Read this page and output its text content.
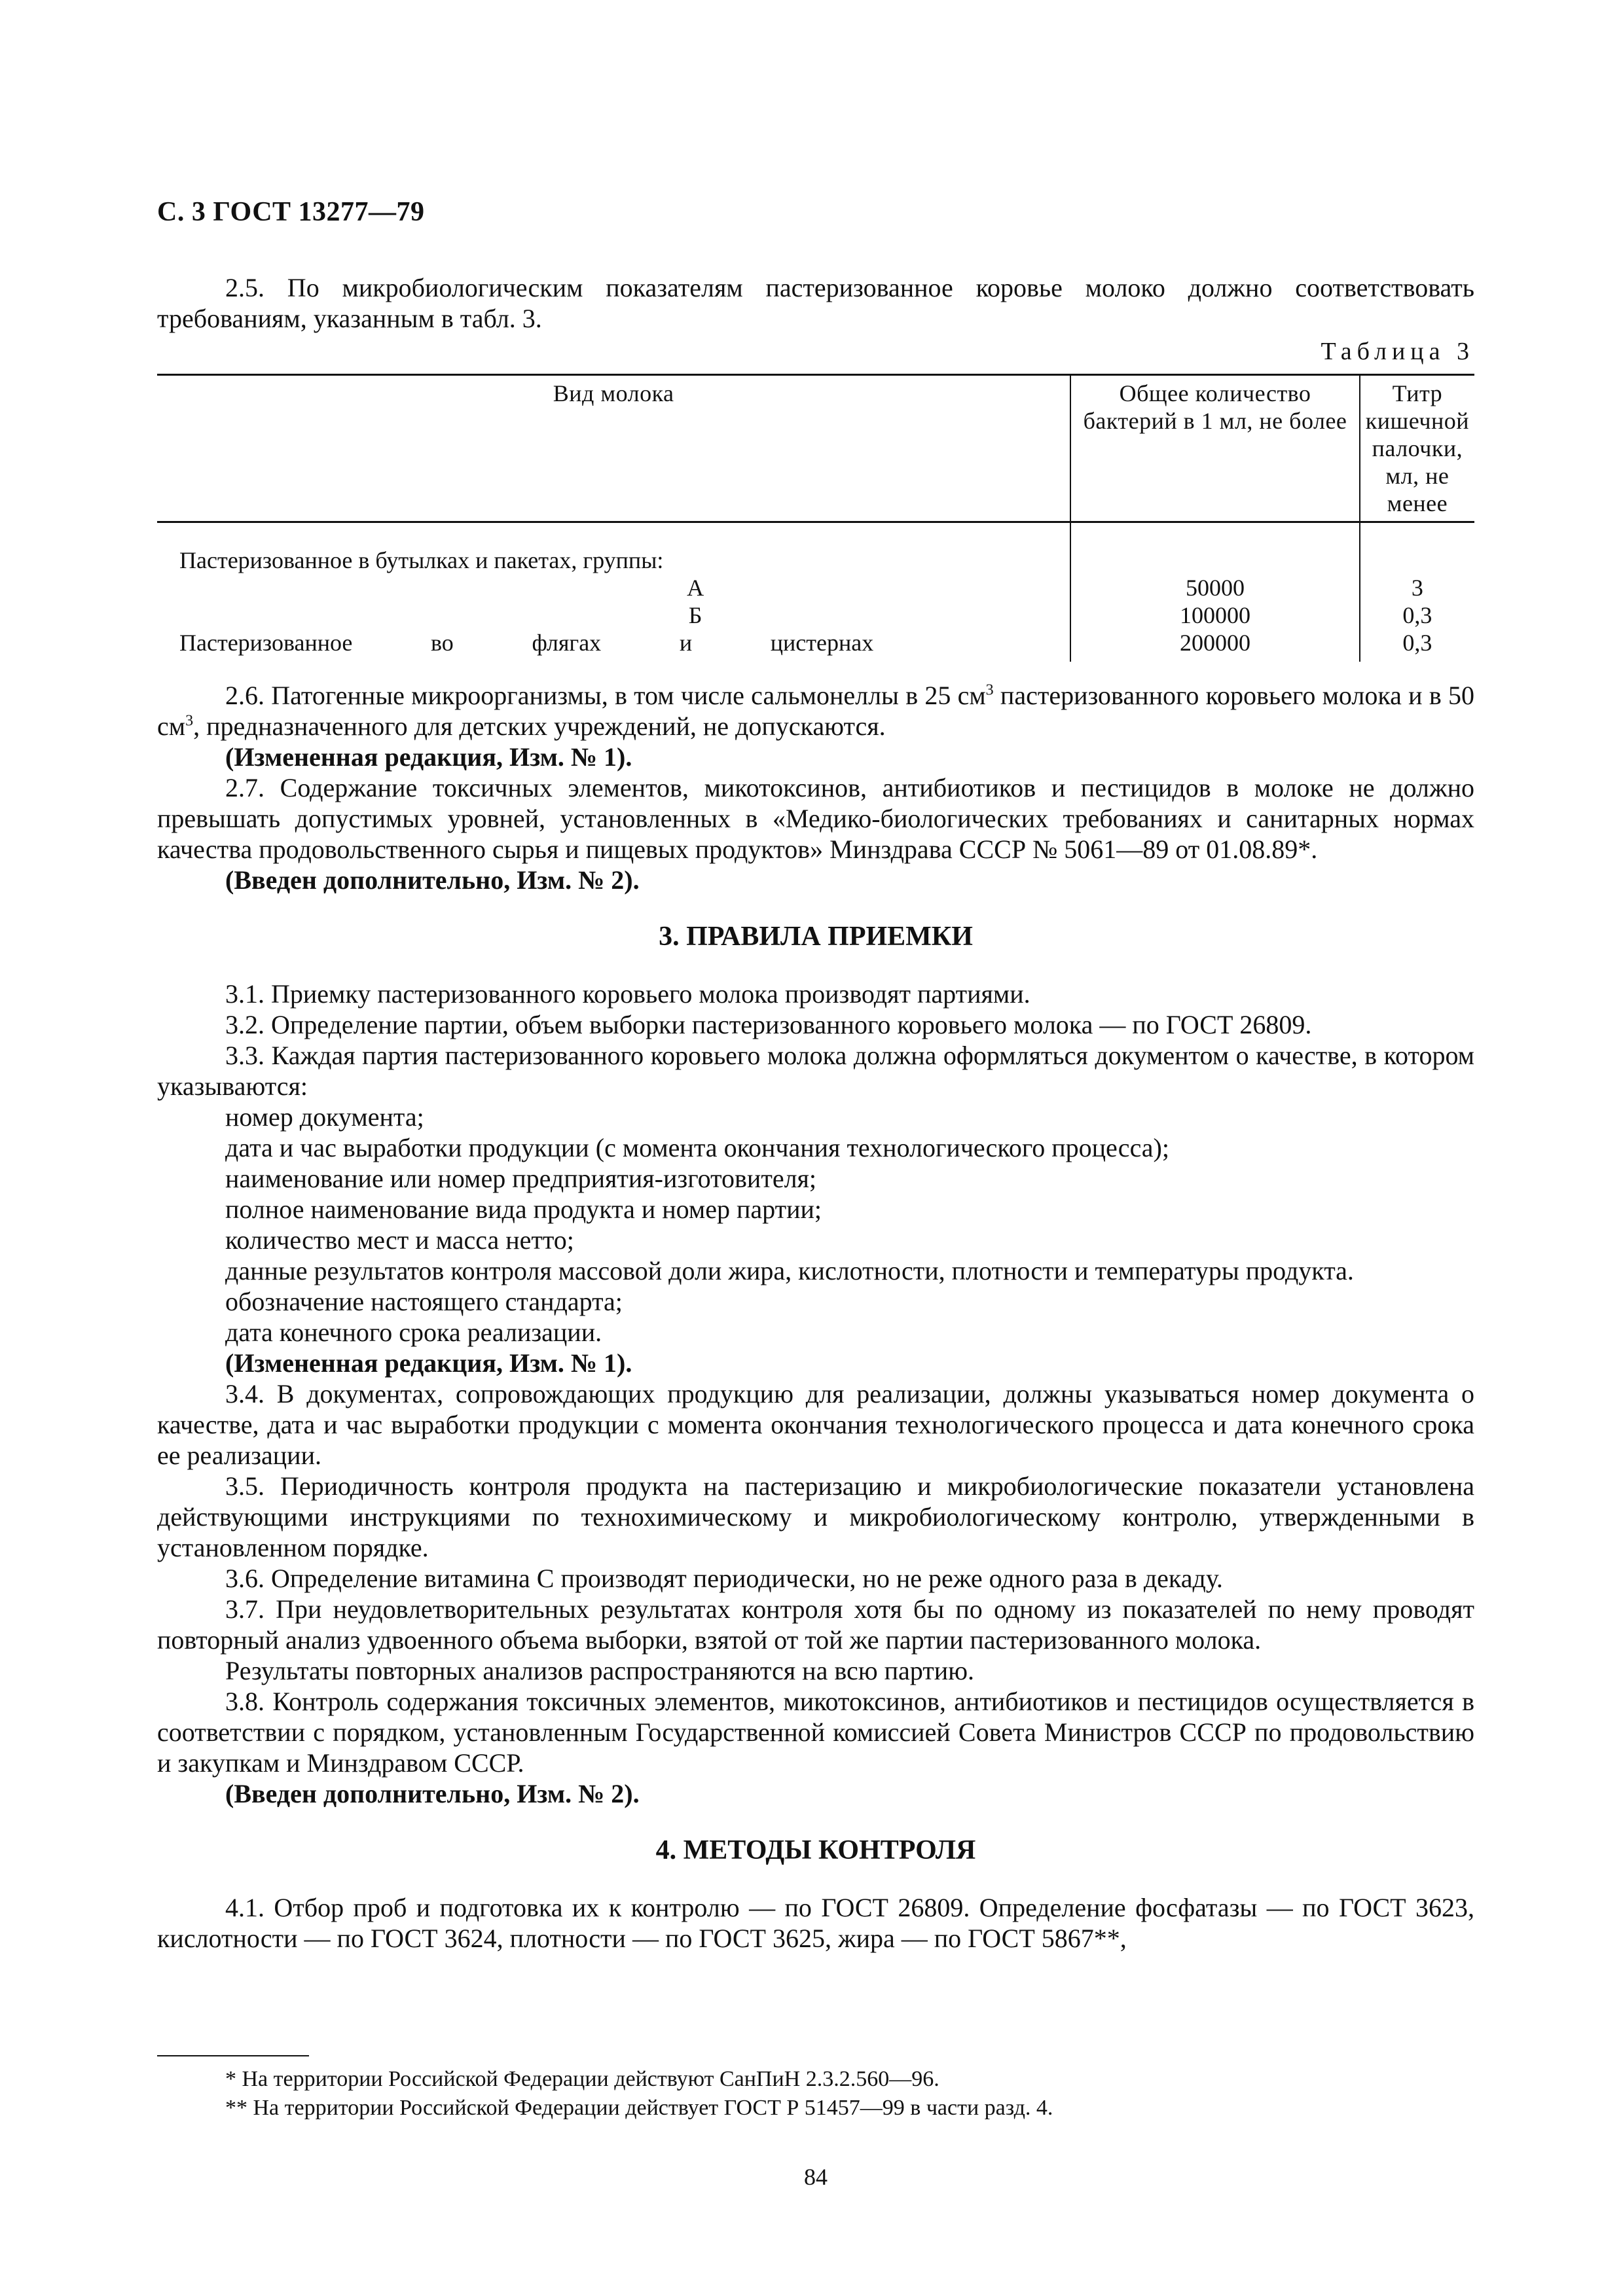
С. 3 ГОСТ 13277—79

2.5. По микробиологическим показателям пастеризованное коровье молоко должно соответствовать требованиям, указанным в табл. 3.

Таблица 3
Вид молока	Общее количество бактерий в 1 мл, не более	Титр кишечной палочки, мл, не менее
Пастеризованное в бутылках и пакетах, группы:		
А	50000	3
Б	100000	0,3

Пастеризованное во флягах и цистернах	200000	0,3

2.6. Патогенные микроорганизмы, в том числе сальмонеллы в 25 $см^3$ пастеризованного коровьего молока и в 50 $см^3$, предназначенного для детских учреждений, не допускаются.

(Измененная редакция, Изм. № 1).

2.7. Содержание токсичных элементов, микотоксинов, антибиотиков и пестицидов в молоке не должно превышать допустимых уровней, установленных в «Медико-биологических требованиях и санитарных нормах качества продовольственного сырья и пищевых продуктов» Минздрава СССР № 5061—89 от 01.08.89*.

(Введен дополнительно, Изм. № 2).

3. ПРАВИЛА ПРИЕМКИ

3.1. Приемку пастеризованного коровьего молока производят партиями.

3.2. Определение партии, объем выборки пастеризованного коровьего молока — по ГОСТ 26809.

3.3. Каждая партия пастеризованного коровьего молока должна оформляться документом о качестве, в котором указываются:

номер документа;

дата и час выработки продукции (с момента окончания технологического процесса);

наименование или номер предприятия-изготовителя;

полное наименование вида продукта и номер партии;

количество мест и масса нетто;

данные результатов контроля массовой доли жира, кислотности, плотности и температуры продукта.

обозначение настоящего стандарта;

дата конечного срока реализации.

(Измененная редакция, Изм. № 1).

3.4. В документах, сопровождающих продукцию для реализации, должны указываться номер документа о качестве, дата и час выработки продукции с момента окончания технологического процесса и дата конечного срока ее реализации.

3.5. Периодичность контроля продукта на пастеризацию и микробиологические показатели установлена действующими инструкциями по технохимическому и микробиологическому контролю, утвержденными в установленном порядке.

3.6. Определение витамина С производят периодически, но не реже одного раза в декаду.

3.7. При неудовлетворительных результатах контроля хотя бы по одному из показателей по нему проводят повторный анализ удвоенного объема выборки, взятой от той же партии пастеризованного молока.

Результаты повторных анализов распространяются на всю партию.

3.8. Контроль содержания токсичных элементов, микотоксинов, антибиотиков и пестицидов осуществляется в соответствии с порядком, установленным Государственной комиссией Совета Министров СССР по продовольствию и закупкам и Минздравом СССР.

(Введен дополнительно, Изм. № 2).

4. МЕТОДЫ КОНТРОЛЯ

4.1. Отбор проб и подготовка их к контролю — по ГОСТ 26809. Определение фосфатазы — по ГОСТ 3623, кислотности — по ГОСТ 3624, плотности — по ГОСТ 3625, жира — по ГОСТ 5867**,

* На территории Российской Федерации действуют СанПиН 2.3.2.560—96.

** На территории Российской Федерации действует ГОСТ Р 51457—99 в части разд. 4.

84
